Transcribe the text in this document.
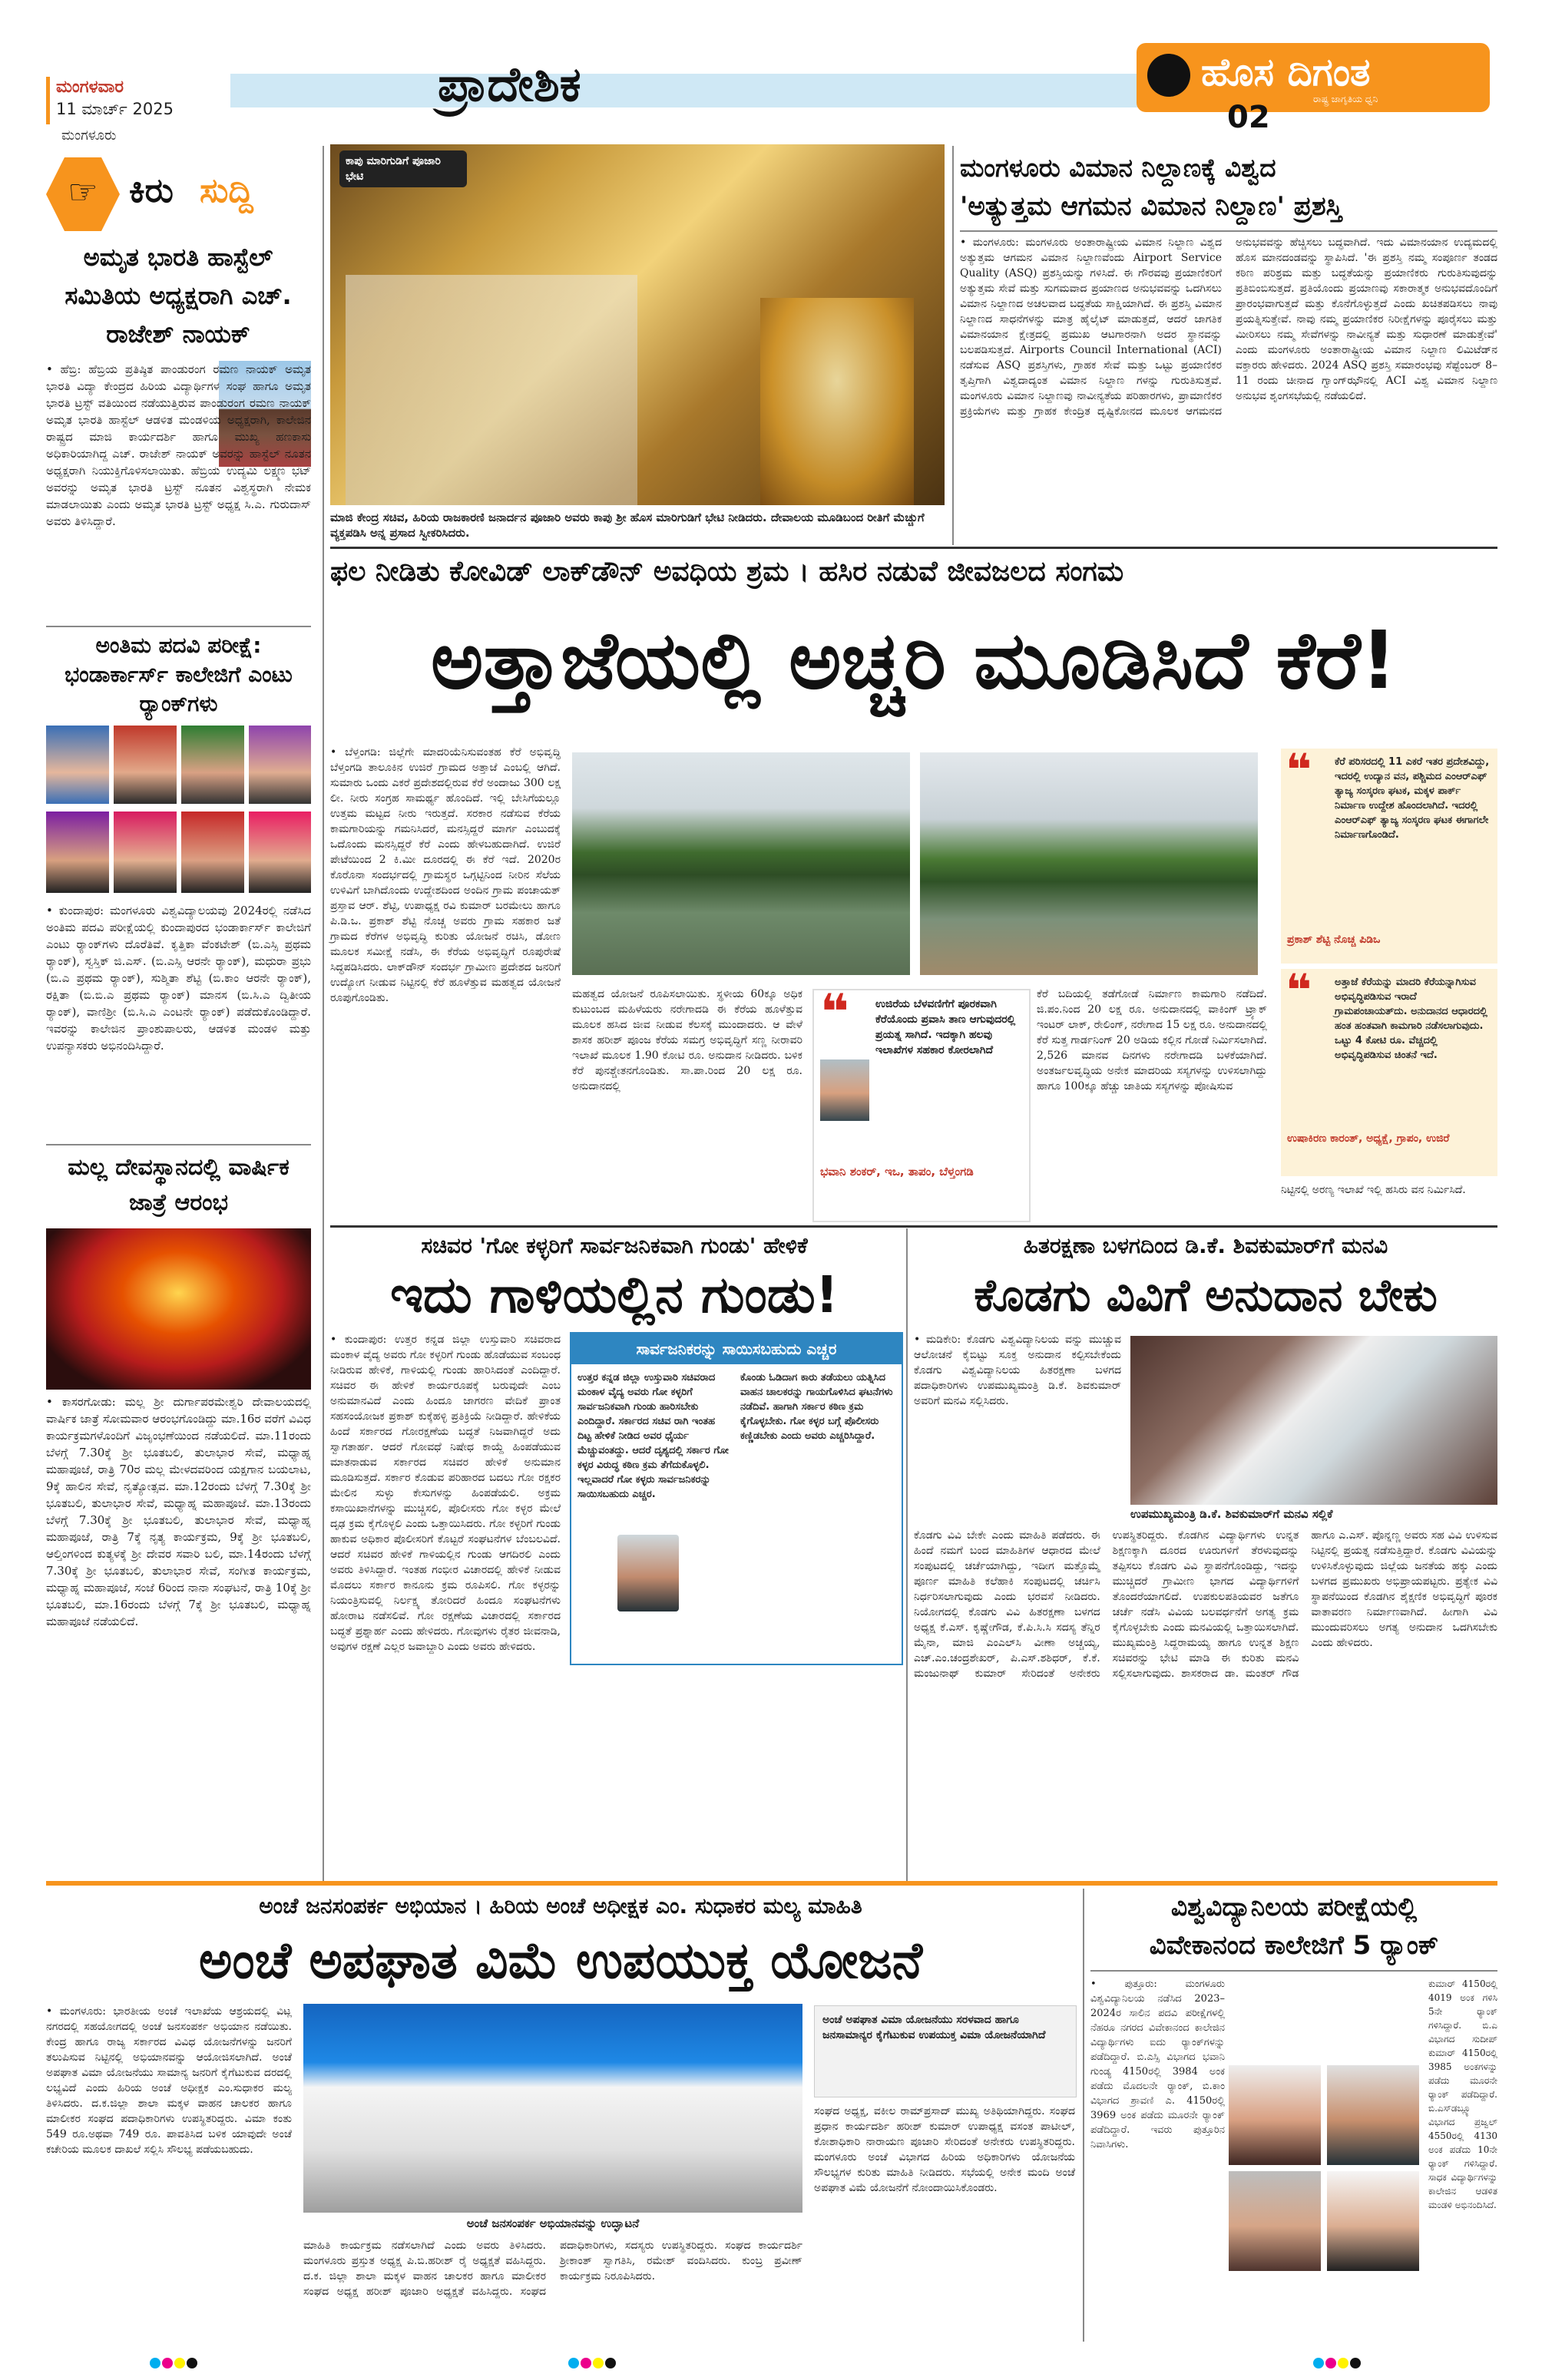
ಮಂಗಳವಾರ
11 ಮಾರ್ಚ್ 2025
ಮಂಗಳೂರು
ಪ್ರಾದೇಶಿಕ	ಹೊಸ ದಿಗಂತ
ರಾಷ್ಟ್ರ ಜಾಗೃತಿಯ ಧ್ವನಿ
02
☞ ಕಿರು ಸುದ್ದಿ
ಅಮೃತ ಭಾರತಿ ಹಾಸ್ಟೆಲ್ ಸಮಿತಿಯ ಅಧ್ಯಕ್ಷರಾಗಿ ಎಚ್. ರಾಜೇಶ್ ನಾಯಕ್
• ಹೆಬ್ರಿ: ಹೆಬ್ರಿಯ ಪ್ರತಿಷ್ಠಿತ ಪಾಂಡುರಂಗ ರಮಣ ನಾಯಕ್ ಅಮೃತ ಭಾರತಿ ವಿದ್ಯಾ ಕೇಂದ್ರದ ಹಿರಿಯ ವಿದ್ಯಾರ್ಥಿಗಳ ಸಂಘ ಹಾಗೂ ಅಮೃತ ಭಾರತಿ ಟ್ರಸ್ಟ್ ವತಿಯಿಂದ ನಡೆಯುತ್ತಿರುವ ಪಾಂಡುರಂಗ ರಮಣ ನಾಯಕ್ ಅಮೃತ ಭಾರತಿ ಹಾಸ್ಟೆಲ್ ಆಡಳಿತ ಮಂಡಳಿಯ ಅಧ್ಯಕ್ಷರಾಗಿ, ಕಾಲೇಜಿನ ರಾಷ್ಟ್ರದ ಮಾಜಿ ಕಾರ್ಯದರ್ಶಿ ಹಾಗೂ ಮುಖ್ಯ ಹಣಕಾಸು ಅಧಿಕಾರಿಯಾಗಿದ್ದ ಎಚ್. ರಾಜೇಶ್ ನಾಯಕ್ ಅವರನ್ನು ಹಾಸ್ಟೆಲ್ ನೂತನ ಅಧ್ಯಕ್ಷರಾಗಿ ನಿಯುಕ್ತಿಗೊಳಿಸಲಾಯಿತು. ಹೆಬ್ರಿಯ ಉದ್ಯಮಿ ಲಕ್ಷ್ಮಣ ಭಟ್ ಅವರನ್ನು ಅಮೃತ ಭಾರತಿ ಟ್ರಸ್ಟ್ ನೂತನ ವಿಶ್ವಸ್ಥರಾಗಿ ನೇಮಕ ಮಾಡಲಾಯಿತು ಎಂದು ಅಮೃತ ಭಾರತಿ ಟ್ರಸ್ಟ್ ಅಧ್ಯಕ್ಷ ಸಿ.ಎ. ಗುರುದಾಸ್ ಅವರು ತಿಳಿಸಿದ್ದಾರೆ.
ಅಂತಿಮ ಪದವಿ ಪರೀಕ್ಷೆ: ಭಂಡಾರ್ಕಾರ್ಸ್ ಕಾಲೇಜಿಗೆ ಎಂಟು ರ‍್ಯಾಂಕ್‌ಗಳು
• ಕುಂದಾಪುರ: ಮಂಗಳೂರು ವಿಶ್ವವಿದ್ಯಾಲಯವು 2024ರಲ್ಲಿ ನಡೆಸಿದ ಅಂತಿಮ ಪದವಿ ಪರೀಕ್ಷೆಯಲ್ಲಿ ಕುಂದಾಪುರದ ಭಂಡಾರ್ಕಾರ್ಸ್ ಕಾಲೇಜಿಗೆ ಎಂಟು ರ‍್ಯಾಂಕ್‌ಗಳು ದೊರೆತಿವೆ. ಕೃತ್ತಿಕಾ ವೆಂಕಟೇಶ್ (ಬಿ.ಎಸ್ಸಿ ಪ್ರಥಮ ರ‍್ಯಾಂಕ್), ಸ್ವಸ್ತಿಕ್ ಜಿ.ಎಸ್. (ಬಿ.ಎಸ್ಸಿ ಆರನೇ ರ‍್ಯಾಂಕ್), ಮಧುರಾ ಪ್ರಭು (ಬಿ.ಎ ಪ್ರಥಮ ರ‍್ಯಾಂಕ್), ಸುಶ್ಮಿತಾ ಶೆಟ್ಟಿ (ಬಿ.ಕಾಂ ಆರನೇ ರ‍್ಯಾಂಕ್), ರಕ್ಷಿತಾ (ಬಿ.ಬಿ.ಎ ಪ್ರಥಮ ರ‍್ಯಾಂಕ್) ಮಾನಸ (ಬಿ.ಸಿ.ಎ ದ್ವಿತೀಯ ರ‍್ಯಾಂಕ್), ವಾಣಿಶ್ರೀ (ಬಿ.ಸಿ.ಎ ಎಂಟನೇ ರ‍್ಯಾಂಕ್) ಪಡೆದುಕೊಂಡಿದ್ದಾರೆ. ಇವರನ್ನು ಕಾಲೇಜಿನ ಪ್ರಾಂಶುಪಾಲರು, ಆಡಳಿತ ಮಂಡಳಿ ಮತ್ತು ಉಪನ್ಯಾಸಕರು ಅಭಿನಂದಿಸಿದ್ದಾರೆ.
ಮಲ್ಲ ದೇವಸ್ಥಾನದಲ್ಲಿ ವಾರ್ಷಿಕ ಜಾತ್ರೆ ಆರಂಭ
• ಕಾಸರಗೋಡು: ಮಲ್ಲ ಶ್ರೀ ದುರ್ಗಾಪರಮೇಶ್ವರಿ ದೇವಾಲಯದಲ್ಲಿ ವಾರ್ಷಿಕ ಜಾತ್ರೆ ಸೋಮವಾರ ಆರಂಭಗೊಂಡಿದ್ದು ಮಾ.16ರ ವರೆಗೆ ವಿವಿಧ ಕಾರ್ಯಕ್ರಮಗಳೊಂದಿಗೆ ವಿಜೃಂಭಣೆಯಿಂದ ನಡೆಯಲಿದೆ. ಮಾ.11ರಂದು ಬೆಳಗ್ಗೆ 7.30ಕ್ಕೆ ಶ್ರೀ ಭೂತಬಲಿ, ತುಲಾಭಾರ ಸೇವೆ, ಮಧ್ಯಾಹ್ನ ಮಹಾಪೂಜೆ, ರಾತ್ರಿ 70ರ ಮಲ್ಲ ಮೇಳದವರಿಂದ ಯಕ್ಷಗಾನ ಬಯಲಾಟ, 9ಕ್ಕೆ ಹಾಲಿನ ಸೇವೆ, ನೃತ್ಯೋತ್ಸವ. ಮಾ.12ರಂದು ಬೆಳಗ್ಗೆ 7.30ಕ್ಕೆ ಶ್ರೀ ಭೂತಬಲಿ, ತುಲಾಭಾರ ಸೇವೆ, ಮಧ್ಯಾಹ್ನ ಮಹಾಪೂಜೆ. ಮಾ.13ರಂದು ಬೆಳಗ್ಗೆ 7.30ಕ್ಕೆ ಶ್ರೀ ಭೂತಬಲಿ, ತುಲಾಭಾರ ಸೇವೆ, ಮಧ್ಯಾಹ್ನ ಮಹಾಪೂಜೆ, ರಾತ್ರಿ 7ಕ್ಕೆ ನೃತ್ಯ ಕಾರ್ಯಕ್ರಮ, 9ಕ್ಕೆ ಶ್ರೀ ಭೂತಬಲಿ, ಆಲ್ತಿಂಗಳಿಂದ ಕುತ್ಯಳಕ್ಕೆ ಶ್ರೀ ದೇವರ ಸವಾರಿ ಬಲಿ, ಮಾ.14ರಂದು ಬೆಳಗ್ಗೆ 7.30ಕ್ಕೆ ಶ್ರೀ ಭೂತಬಲಿ, ತುಲಾಭಾರ ಸೇವೆ, ಸಂಗೀತ ಕಾರ್ಯಕ್ರಮ, ಮಧ್ಯಾಹ್ನ ಮಹಾಪೂಜೆ, ಸಂಜೆ 6ರಿಂದ ನಾನಾ ಸಂಘಟನೆ, ರಾತ್ರಿ 10ಕ್ಕೆ ಶ್ರೀ ಭೂತಬಲಿ, ಮಾ.16ರಂದು ಬೆಳಗ್ಗೆ 7ಕ್ಕೆ ಶ್ರೀ ಭೂತಬಲಿ, ಮಧ್ಯಾಹ್ನ ಮಹಾಪೂಜೆ ನಡೆಯಲಿದೆ.
ಕಾಪು ಮಾರಿಗುಡಿಗೆ ಪೂಜಾರಿ ಭೇಟಿ
ಮಾಜಿ ಕೇಂದ್ರ ಸಚಿವ, ಹಿರಿಯ ರಾಜಕಾರಣಿ ಜನಾರ್ದನ ಪೂಜಾರಿ ಅವರು ಕಾಪು ಶ್ರೀ ಹೊಸ ಮಾರಿಗುಡಿಗೆ ಭೇಟಿ ನೀಡಿದರು. ದೇವಾಲಯ ಮೂಡಿಬಂದ ರೀತಿಗೆ ಮೆಚ್ಚುಗೆ ವ್ಯಕ್ತಪಡಿಸಿ ಅನ್ನ ಪ್ರಸಾದ ಸ್ವೀಕರಿಸಿದರು.
ಮಂಗಳೂರು ವಿಮಾನ ನಿಲ್ದಾಣಕ್ಕೆ ವಿಶ್ವದ
'ಅತ್ಯುತ್ತಮ ಆಗಮನ ವಿಮಾನ ನಿಲ್ದಾಣ' ಪ್ರಶಸ್ತಿ
• ಮಂಗಳೂರು: ಮಂಗಳೂರು ಅಂತಾರಾಷ್ಟ್ರೀಯ ವಿಮಾನ ನಿಲ್ದಾಣ ವಿಶ್ವದ ಅತ್ಯುತ್ತಮ ಆಗಮನ ವಿಮಾನ ನಿಲ್ದಾಣವೆಂದು Airport Service Quality (ASQ) ಪ್ರಶಸ್ತಿಯನ್ನು ಗಳಿಸಿದೆ. ಈ ಗೌರವವು ಪ್ರಯಾಣಿಕರಿಗೆ ಅತ್ಯುತ್ತಮ ಸೇವೆ ಮತ್ತು ಸುಗಮವಾದ ಪ್ರಯಾಣದ ಅನುಭವವನ್ನು ಒದಗಿಸಲು ವಿಮಾನ ನಿಲ್ದಾಣದ ಅಚಲವಾದ ಬದ್ಧತೆಯ ಸಾಕ್ಷಿಯಾಗಿದೆ. ಈ ಪ್ರಶಸ್ತಿ ವಿಮಾನ ನಿಲ್ದಾಣದ ಸಾಧನೆಗಳನ್ನು ಮಾತ್ರ ಹೈಲೈಟ್ ಮಾಡುತ್ತದೆ, ಆದರೆ ಜಾಗತಿಕ ವಿಮಾನಯಾನ ಕ್ಷೇತ್ರದಲ್ಲಿ ಪ್ರಮುಖ ಆಟಗಾರನಾಗಿ ಅದರ ಸ್ಥಾನವನ್ನು ಬಲಪಡಿಸುತ್ತದೆ. Airports Council International (ACI) ನಡೆಸುವ ASQ ಪ್ರಶಸ್ತಿಗಳು, ಗ್ರಾಹಕ ಸೇವೆ ಮತ್ತು ಒಟ್ಟು ಪ್ರಯಾಣಿಕರ ತೃಪ್ತಿಗಾಗಿ ವಿಶ್ವದಾದ್ಯಂತ ವಿಮಾನ ನಿಲ್ದಾಣ ಗಳನ್ನು ಗುರುತಿಸುತ್ತವೆ. ಮಂಗಳೂರು ವಿಮಾನ ನಿಲ್ದಾಣವು ನಾವೀನ್ಯತೆಯ ಪರಿಹಾರಗಳು, ಪ್ರಾಮಾಣಿಕರ ಪ್ರಕ್ರಿಯೆಗಳು ಮತ್ತು ಗ್ರಾಹಕ ಕೇಂದ್ರಿತ ದೃಷ್ಟಿಕೋನದ ಮೂಲಕ ಆಗಮನದ ಅನುಭವವನ್ನು ಹೆಚ್ಚಿಸಲು ಬದ್ಧವಾಗಿದೆ. ಇದು ವಿಮಾನಯಾನ ಉದ್ಯಮದಲ್ಲಿ ಹೊಸ ಮಾನದಂಡವನ್ನು ಸ್ಥಾಪಿಸಿದೆ. 'ಈ ಪ್ರಶಸ್ತಿ ನಮ್ಮ ಸಂಪೂರ್ಣ ತಂಡದ ಕಠಿಣ ಪರಿಶ್ರಮ ಮತ್ತು ಬದ್ಧತೆಯನ್ನು ಪ್ರಯಾಣಿಕರು ಗುರುತಿಸುವುದನ್ನು ಪ್ರತಿಬಿಂಬಿಸುತ್ತದೆ. ಪ್ರತಿಯೊಂದು ಪ್ರಯಾಣವು ಸಕಾರಾತ್ಮಕ ಅನುಭವದೊಂದಿಗೆ ಪ್ರಾರಂಭವಾಗುತ್ತದೆ ಮತ್ತು ಕೊನೆಗೊಳ್ಳುತ್ತದೆ ಎಂದು ಖಚಿತಪಡಿಸಲು ನಾವು ಪ್ರಯತ್ನಿಸುತ್ತೇವೆ. ನಾವು ನಮ್ಮ ಪ್ರಯಾಣಿಕರ ನಿರೀಕ್ಷೆಗಳನ್ನು ಪೂರೈಸಲು ಮತ್ತು ಮೀರಿಸಲು ನಮ್ಮ ಸೇವೆಗಳನ್ನು ನಾವೀನ್ಯತೆ ಮತ್ತು ಸುಧಾರಣೆ ಮಾಡುತ್ತೇವೆ' ಎಂದು ಮಂಗಳೂರು ಅಂತಾರಾಷ್ಟ್ರೀಯ ವಿಮಾನ ನಿಲ್ದಾಣ ಲಿಮಿಟೆಡ್‌ನ ವಕ್ತಾರರು ಹೇಳಿದರು. 2024 ASQ ಪ್ರಶಸ್ತಿ ಸಮಾರಂಭವು ಸೆಪ್ಟೆಂಬರ್ 8–11 ರಂದು ಚೀನಾದ ಗ್ವಾಂಗ್‌ಝೌನಲ್ಲಿ ACI ವಿಶ್ವ ವಿಮಾನ ನಿಲ್ದಾಣ ಅನುಭವ ಶೃಂಗಸಭೆಯಲ್ಲಿ ನಡೆಯಲಿದೆ.
ಫಲ ನೀಡಿತು ಕೋವಿಡ್ ಲಾಕ್‌ಡೌನ್ ಅವಧಿಯ ಶ್ರಮ । ಹಸಿರ ನಡುವೆ ಜೀವಜಲದ ಸಂಗಮ
ಅತ್ತಾಜೆಯಲ್ಲಿ ಅಚ್ಚರಿ ಮೂಡಿಸಿದೆ ಕೆರೆ!
• ಬೆಳ್ತಂಗಡಿ: ಜಿಲ್ಲೆಗೇ ಮಾದರಿಯೆನಿಸುವಂತಹ ಕೆರೆ ಅಭಿವೃದ್ಧಿ ಬೆಳ್ತಂಗಡಿ ತಾಲೂಕಿನ ಉಜಿರೆ ಗ್ರಾಮದ ಅತ್ತಾಜೆ ಎಂಬಲ್ಲಿ ಆಗಿದೆ. ಸುಮಾರು ಒಂದು ಎಕರೆ ಪ್ರದೇಶದಲ್ಲಿರುವ ಕೆರೆ ಅಂದಾಜು 300 ಲಕ್ಷ ಲೀ. ನೀರು ಸಂಗ್ರಹ ಸಾಮರ್ಥ್ಯ ಹೊಂದಿದೆ. ಇಲ್ಲಿ ಬೇಸಿಗೆಯಲ್ಲೂ ಉತ್ತಮ ಮಟ್ಟದ ನೀರು ಇರುತ್ತದೆ. ಸರಕಾರ ನಡೆಸುವ ಕೆರೆಯ ಕಾಮಗಾರಿಯನ್ನು ಗಮನಿಸಿದರೆ, ಮನಸ್ಸಿದ್ದರೆ ಮಾರ್ಗ ಎಂಬುದಕ್ಕೆ ಒದೊಂದು ಮನಸ್ಸಿದ್ದರೆ ಕೆರೆ ಎಂದು ಹೇಳಬಹುದಾಗಿದೆ. ಉಜಿರೆ ಪೇಟೆಯಿಂದ 2 ಕಿ.ಮೀ ದೂರದಲ್ಲಿ ಈ ಕೆರೆ ಇದೆ. 2020ರ ಕೊರೊನಾ ಸಂದರ್ಭದಲ್ಲಿ ಗ್ರಾಮಸ್ಥರ ಒಗ್ಗಟ್ಟಿನಿಂದ ನೀರಿನ ಸೆಲೆಯ ಉಳಿವಿಗೆ ಬಾಗಿದೊಂದು ಉದ್ದೇಶದಿಂದ ಅಂದಿನ ಗ್ರಾಮ ಪಂಚಾಯತ್ ಪ್ರಸ್ತಾವ ಆರ್. ಶೆಟ್ಟಿ, ಉಪಾಧ್ಯಕ್ಷ ರವಿ ಕುಮಾರ್ ಬರಮೇಲು ಹಾಗೂ ಪಿ.ಡಿ.ಒ. ಪ್ರಕಾಶ್ ಶೆಟ್ಟಿ ನೊಚ್ಚ ಅವರು ಗ್ರಾಮ ಸಹಕಾರ ಜತೆ ಗ್ರಾಮದ ಕೆರೆಗಳ ಅಭಿವೃದ್ಧಿ ಕುರಿತು ಯೋಜನೆ ರಚಿಸಿ, ಡೋಣ ಮೂಲಕ ಸಮೀಕ್ಷೆ ನಡೆಸಿ, ಈ ಕೆರೆಯ ಅಭಿವೃದ್ಧಿಗೆ ರೂಪುರೇಷೆ ಸಿದ್ಧಪಡಿಸಿದರು. ಲಾಕ್‌ಡೌನ್ ಸಂದರ್ಭ ಗ್ರಾಮೀಣ ಪ್ರದೇಶದ ಜನರಿಗೆ ಉದ್ಯೋಗ ನೀಡುವ ನಿಟ್ಟಿನಲ್ಲಿ ಕೆರೆ ಹೂಳೆತ್ತುವ ಮಹತ್ವದ ಯೋಜನೆ ರೂಪುಗೊಂಡಿತು.	ಮಹತ್ವದ ಯೋಜನೆ ರೂಪಿಸಲಾಯಿತು. ಸ್ಥಳೀಯ 60ಕ್ಕೂ ಅಧಿಕ ಕುಟುಂಬದ ಮಹಿಳೆಯರು ನರೇಗಾದಡಿ ಈ ಕೆರೆಯ ಹೂಳೆತ್ತುವ ಮೂಲಕ ಹಸಿದ ಜೀವ ನೀಡುವ ಕೆಲಸಕ್ಕೆ ಮುಂದಾದರು. ಆ ವೇಳೆ ಶಾಸಕ ಹರೀಶ್ ಪೂಂಜ ಕೆರೆಯ ಸಮಗ್ರ ಅಭಿವೃದ್ಧಿಗೆ ಸಣ್ಣ ನೀರಾವರಿ ಇಲಾಖೆ ಮೂಲಕ 1.90 ಕೋಟಿ ರೂ. ಅನುದಾನ ನೀಡಿದರು. ಬಳಿಕ ಕೆರೆ ಪುನಶ್ಚೇತನಗೊಂಡಿತು. ಸಾ.ಪಾ.ರಿಂದ 20 ಲಕ್ಷ ರೂ. ಅನುದಾನದಲ್ಲಿ
❝ ಉಜಿರೆಯ ಬೆಳವಣಿಗೆಗೆ ಪೂರಕವಾಗಿ ಕೆರೆಯೊಂದು ಪ್ರವಾಸಿ ತಾಣ ಆಗುವುದರಲ್ಲಿ ಪ್ರಯತ್ನ ಸಾಗಿದೆ. ಇದಕ್ಕಾಗಿ ಹಲವು ಇಲಾಖೆಗಳ ಸಹಕಾರ ಕೋರಲಾಗಿದೆ
ಭವಾನಿ ಶಂಕರ್, ಇಒ, ತಾಪಂ, ಬೆಳ್ತಂಗಡಿ
ಕೆರೆ ಬದಿಯಲ್ಲಿ ತಡೆಗೋಡೆ ನಿರ್ಮಾಣ ಕಾಮಗಾರಿ ನಡೆದಿದೆ. ಜಿ.ಪಂ.ನಿಂದ 20 ಲಕ್ಷ ರೂ. ಅನುದಾನದಲ್ಲಿ ವಾಕಿಂಗ್ ಟ್ರ್ಯಾಕ್ ಇಂಟರ್ ಲಾಕ್, ರೇಲಿಂಗ್, ನರೇಗಾದ 15 ಲಕ್ಷ ರೂ. ಅನುದಾನದಲ್ಲಿ ಕೆರೆ ಸುತ್ತ ಗಾರ್ಡನಿಂಗ್ 20 ಅಡಿಯ ಕಲ್ಲಿನ ಗೋಡೆ ನಿರ್ಮಿಸಲಾಗಿದೆ. 2,526 ಮಾನವ ದಿನಗಳು ನರೇಗಾದಡಿ ಬಳಕೆಯಾಗಿದೆ. ಅಂತರ್ಜಲವೃದ್ಧಿಯ ಅನೇಕ ಮಾದರಿಯ ಸಸ್ಯಗಳನ್ನು ಉಳಿಸಲಾಗಿದ್ದು ಹಾಗೂ 100ಕ್ಕೂ ಹೆಚ್ಚು ಜಾತಿಯ ಸಸ್ಯಗಳನ್ನು ಪೋಷಿಸುವ
❝ ಕೆರೆ ಪರಿಸರದಲ್ಲಿ 11 ಎಕರೆ ಇತರ ಪ್ರದೇಶವಿದ್ದು, ಇದರಲ್ಲಿ ಉದ್ಯಾನ ವನ, ಪಶ್ಚಿಮದ ಎಂಆರ್‌ಎಫ್ ತ್ಯಾಜ್ಯ ಸಂಸ್ಕರಣ ಘಟಕ, ಮಕ್ಕಳ ಪಾರ್ಕ್ ನಿರ್ಮಾಣ ಉದ್ದೇಶ ಹೊಂದಲಾಗಿದೆ. ಇದರಲ್ಲಿ ಎಂಆರ್‌ಎಫ್ ತ್ಯಾಜ್ಯ ಸಂಸ್ಕರಣ ಘಟಕ ಈಗಾಗಲೇ ನಿರ್ಮಾಣಗೊಂಡಿದೆ.
ಪ್ರಕಾಶ್ ಶೆಟ್ಟಿ ನೊಚ್ಚ ಪಿಡಿಒ
❝ ಅತ್ತಾಜೆ ಕೆರೆಯನ್ನು ಮಾದರಿ ಕೆರೆಯನ್ನಾಗಿಸುವ ಅಭಿವೃದ್ಧಿಪಡಿಸುವ ಇರಾದೆ ಗ್ರಾಮಪಂಚಾಯತ್‌ದು. ಅನುದಾನದ ಆಧಾರದಲ್ಲಿ ಹಂತ ಹಂತವಾಗಿ ಕಾಮಗಾರಿ ನಡೆಸಲಾಗುವುದು. ಒಟ್ಟು 4 ಕೋಟಿ ರೂ. ವೆಚ್ಚದಲ್ಲಿ ಅಭಿವೃದ್ಧಿಪಡಿಸುವ ಚಿಂತನೆ ಇದೆ.
ಉಷಾಕಿರಣ ಕಾರಂತ್, ಅಧ್ಯಕ್ಷೆ, ಗ್ರಾಪಂ, ಉಜಿರೆ
ನಿಟ್ಟಿನಲ್ಲಿ ಅರಣ್ಯ ಇಲಾಖೆ ಇಲ್ಲಿ ಹಸಿರು ವನ ನಿರ್ಮಿಸಿದೆ.
ಸಚಿವರ 'ಗೋ ಕಳ್ಳರಿಗೆ ಸಾರ್ವಜನಿಕವಾಗಿ ಗುಂಡು' ಹೇಳಿಕೆ
ಇದು ಗಾಳಿಯಲ್ಲಿನ ಗುಂಡು!
• ಕುಂದಾಪುರ: ಉತ್ತರ ಕನ್ನಡ ಜಿಲ್ಲಾ ಉಸ್ತುವಾರಿ ಸಚಿವರಾದ ಮಂಕಾಳ ವೈದ್ಯ ಅವರು ಗೋ ಕಳ್ಳರಿಗೆ ಗುಂಡು ಹೊಡೆಯುವ ಸಂಬಂಧ ನೀಡಿರುವ ಹೇಳಿಕೆ, ಗಾಳಿಯಲ್ಲಿ ಗುಂಡು ಹಾರಿಸಿದಂತೆ ಎಂದಿದ್ದಾರೆ. ಸಚಿವರ ಈ ಹೇಳಿಕೆ ಕಾರ್ಯರೂಪಕ್ಕೆ ಬರುವುದೇ ಎಂಬ ಅನುಮಾನವಿದೆ ಎಂದು ಹಿಂದೂ ಜಾಗರಣ ವೇದಿಕೆ ಪ್ರಾಂತ ಸಹಸಂಯೋಜಕ ಪ್ರಕಾಶ್ ಕುಕ್ಕೆಹಳ್ಳಿ ಪ್ರತಿಕ್ರಿಯೆ ನೀಡಿದ್ದಾರೆ. ಹೇಳಿಕೆಯ ಹಿಂದೆ ಸರ್ಕಾರದ ಗೋರಕ್ಷಣೆಯ ಬದ್ಧತೆ ನಿಜವಾಗಿದ್ದರೆ ಅದು ಸ್ವಾಗತಾರ್ಹ. ಆದರೆ ಗೋವಧೆ ನಿಷೇಧ ಕಾಯ್ದೆ ಹಿಂಪಡೆಯುವ ಮಾತನಾಡುವ ಸರ್ಕಾರದ ಸಚಿವರ ಹೇಳಿಕೆ ಅನುಮಾನ ಮೂಡಿಸುತ್ತದೆ. ಸರ್ಕಾರ ಕೊಡುವ ಪರಿಹಾರದ ಬದಲು ಗೋ ರಕ್ಷಕರ ಮೇಲಿನ ಸುಳ್ಳು ಕೇಸುಗಳನ್ನು ಹಿಂಪಡೆಯಲಿ. ಅಕ್ರಮ ಕಸಾಯಿಖಾನೆಗಳನ್ನು ಮುಚ್ಚಿಸಲಿ, ಪೊಲೀಸರು ಗೋ ಕಳ್ಳರ ಮೇಲೆ ದೃಢ ಕ್ರಮ ಕೈಗೊಳ್ಳಲಿ ಎಂದು ಒತ್ತಾಯಿಸಿದರು. ಗೋ ಕಳ್ಳರಿಗೆ ಗುಂಡು ಹಾಕುವ ಅಧಿಕಾರ ಪೊಲೀಸರಿಗೆ ಕೊಟ್ಟರೆ ಸಂಘಟನೆಗಳ ಬೆಂಬಲವಿದೆ. ಆದರೆ ಸಚಿವರ ಹೇಳಿಕೆ ಗಾಳಿಯಲ್ಲಿನ ಗುಂಡು ಆಗದಿರಲಿ ಎಂದು ಅವರು ತಿಳಿಸಿದ್ದಾರೆ. ಇಂತಹ ಗಂಭೀರ ವಿಚಾರದಲ್ಲಿ ಹೇಳಿಕೆ ನೀಡುವ ಮೊದಲು ಸರ್ಕಾರ ಕಾನೂನು ಕ್ರಮ ರೂಪಿಸಲಿ. ಗೋ ಕಳ್ಳರನ್ನು ನಿಯಂತ್ರಿಸುವಲ್ಲಿ ನಿರ್ಲಕ್ಷ್ಯ ತೋರಿದರೆ ಹಿಂದೂ ಸಂಘಟನೆಗಳು ಹೋರಾಟ ನಡೆಸಲಿವೆ. ಗೋ ರಕ್ಷಣೆಯ ವಿಚಾರದಲ್ಲಿ ಸರ್ಕಾರದ ಬದ್ಧತೆ ಪ್ರಶ್ನಾರ್ಹ ಎಂದು ಹೇಳಿದರು. ಗೋವುಗಳು ರೈತರ ಜೀವನಾಡಿ, ಅವುಗಳ ರಕ್ಷಣೆ ಎಲ್ಲರ ಜವಾಬ್ದಾರಿ ಎಂದು ಅವರು ಹೇಳಿದರು.
ಸಾರ್ವಜನಿಕರನ್ನು ಸಾಯಿಸಬಹುದು ಎಚ್ಚರ
ಉತ್ತರ ಕನ್ನಡ ಜಿಲ್ಲಾ ಉಸ್ತುವಾರಿ ಸಚಿವರಾದ ಮಂಕಾಳ ವೈದ್ಯ ಅವರು ಗೋ ಕಳ್ಳರಿಗೆ ಸಾರ್ವಜನಿಕವಾಗಿ ಗುಂಡು ಹಾರಿಸಬೇಕು ಎಂದಿದ್ದಾರೆ. ಸರ್ಕಾರದ ಸಚಿವ ರಾಗಿ ಇಂತಹ ದಿಟ್ಟ ಹೇಳಿಕೆ ನೀಡಿದ ಅವರ ಧೈರ್ಯ ಮೆಚ್ಚುವಂತದ್ದು. ಆದರೆ ದೃಶ್ಯದಲ್ಲಿ ಸರ್ಕಾರ ಗೋ ಕಳ್ಳರ ವಿರುದ್ಧ ಕಠಿಣ ಕ್ರಮ ತೆಗೆದುಕೊಳ್ಳಲಿ. ಇಲ್ಲವಾದರೆ ಗೋ ಕಳ್ಳರು ಸಾರ್ವಜನಿಕರನ್ನು ಸಾಯಿಸಬಹುದು ಎಚ್ಚರ.
ಕೊಂಡು ಓಡಿದಾಗ ಕಾರು ತಡೆಯಲು ಯತ್ನಿಸಿದ ವಾಹನ ಚಾಲಕರನ್ನು ಗಾಯಗೊಳಿಸಿದ ಘಟನೆಗಳು ನಡೆದಿವೆ. ಹಾಗಾಗಿ ಸರ್ಕಾರ ಕಠಿಣ ಕ್ರಮ ಕೈಗೊಳ್ಳಬೇಕು. ಗೋ ಕಳ್ಳರ ಬಗ್ಗೆ ಪೊಲೀಸರು ಕಣ್ಣಿಡಬೇಕು ಎಂದು ಅವರು ಎಚ್ಚರಿಸಿದ್ದಾರೆ.
ಹಿತರಕ್ಷಣಾ ಬಳಗದಿಂದ ಡಿ.ಕೆ. ಶಿವಕುಮಾರ್‌ಗೆ ಮನವಿ
ಕೊಡಗು ವಿವಿಗೆ ಅನುದಾನ ಬೇಕು
• ಮಡಿಕೇರಿ: ಕೊಡಗು ವಿಶ್ವವಿದ್ಯಾನಿಲಯ ವನ್ನು ಮುಚ್ಚುವ ಆಲೋಚನೆ ಕೈಬಿಟ್ಟು ಸೂಕ್ತ ಅನುದಾನ ಕಲ್ಪಿಸಬೇಕೆಂದು ಕೊಡಗು ವಿಶ್ವವಿದ್ಯಾನಿಲಯ ಹಿತರಕ್ಷಣಾ ಬಳಗದ ಪದಾಧಿಕಾರಿಗಳು ಉಪಮುಖ್ಯಮಂತ್ರಿ ಡಿ.ಕೆ. ಶಿವಕುಮಾರ್ ಅವರಿಗೆ ಮನವಿ ಸಲ್ಲಿಸಿದರು.
ಉಪಮುಖ್ಯಮಂತ್ರಿ ಡಿ.ಕೆ. ಶಿವಕುಮಾರ್‌ಗೆ ಮನವಿ ಸಲ್ಲಿಕೆ
ಕೊಡಗು ವಿವಿ ಬೇಕೇ ಎಂದು ಮಾಹಿತಿ ಪಡೆದರು. ಈ ಹಿಂದೆ ನಮಗೆ ಬಂದ ಮಾಹಿತಿಗಳ ಆಧಾರದ ಮೇಲೆ ಸಂಪುಟದಲ್ಲಿ ಚರ್ಚೆಯಾಗಿದ್ದು, ಇದೀಗ ಮತ್ತೊಮ್ಮೆ ಪೂರ್ಣ ಮಾಹಿತಿ ಕಲೆಹಾಕಿ ಸಂಪುಟದಲ್ಲಿ ಚರ್ಚಿಸಿ ನಿರ್ಧರಿಸಲಾಗುವುದು ಎಂದು ಭರವಸೆ ನೀಡಿದರು. ನಿಯೋಗದಲ್ಲಿ ಕೊಡಗು ವಿವಿ ಹಿತರಕ್ಷಣಾ ಬಳಗದ ಅಧ್ಯಕ್ಷ ಕೆ.ಎಸ್. ಕೃಷ್ಣೇಗೌಡ, ಕೆ.ಪಿ.ಸಿ.ಸಿ ಸದಸ್ಯ ತೆನ್ನಿರ ಮೈನಾ, ಮಾಜಿ ಎಂಎಲ್‌ಸಿ ವೀಣಾ ಅಚ್ಚಯ್ಯ, ಎಚ್.ಎಂ.ಚಂದ್ರಶೇಖರ್, ಪಿ.ಎಸ್.ಶಶಿಧರ್, ಕೆ.ಕೆ. ಮಂಜುನಾಥ್ ಕುಮಾರ್ ಸೇರಿದಂತೆ ಅನೇಕರು ಉಪಸ್ಥಿತರಿದ್ದರು. ಕೊಡಗಿನ ವಿದ್ಯಾರ್ಥಿಗಳು ಉನ್ನತ ಶಿಕ್ಷಣಕ್ಕಾಗಿ ದೂರದ ಊರುಗಳಿಗೆ ತೆರಳುವುದನ್ನು ತಪ್ಪಿಸಲು ಕೊಡಗು ವಿವಿ ಸ್ಥಾಪನೆಗೊಂಡಿದ್ದು, ಇದನ್ನು ಮುಚ್ಚಿದರೆ ಗ್ರಾಮೀಣ ಭಾಗದ ವಿದ್ಯಾರ್ಥಿಗಳಿಗೆ ತೊಂದರೆಯಾಗಲಿದೆ. ಉಪಕುಲಪತಿಯವರ ಜತೆಗೂ ಚರ್ಚೆ ನಡೆಸಿ ವಿವಿಯ ಬಲವರ್ಧನೆಗೆ ಅಗತ್ಯ ಕ್ರಮ ಕೈಗೊಳ್ಳಬೇಕು ಎಂದು ಮನವಿಯಲ್ಲಿ ಒತ್ತಾಯಿಸಲಾಗಿದೆ. ಮುಖ್ಯಮಂತ್ರಿ ಸಿದ್ದರಾಮಯ್ಯ ಹಾಗೂ ಉನ್ನತ ಶಿಕ್ಷಣ ಸಚಿವರನ್ನು ಭೇಟಿ ಮಾಡಿ ಈ ಕುರಿತು ಮನವಿ ಸಲ್ಲಿಸಲಾಗುವುದು. ಶಾಸಕರಾದ ಡಾ. ಮಂತರ್ ಗೌಡ ಹಾಗೂ ಎ.ಎಸ್. ಪೊನ್ನಣ್ಣ ಅವರು ಸಹ ವಿವಿ ಉಳಿಸುವ ನಿಟ್ಟಿನಲ್ಲಿ ಪ್ರಯತ್ನ ನಡೆಸುತ್ತಿದ್ದಾರೆ. ಕೊಡಗು ವಿವಿಯನ್ನು ಉಳಿಸಿಕೊಳ್ಳುವುದು ಜಿಲ್ಲೆಯ ಜನತೆಯ ಹಕ್ಕು ಎಂದು ಬಳಗದ ಪ್ರಮುಖರು ಅಭಿಪ್ರಾಯಪಟ್ಟರು. ಪ್ರತ್ಯೇಕ ವಿವಿ ಸ್ಥಾಪನೆಯಿಂದ ಕೊಡಗಿನ ಶೈಕ್ಷಣಿಕ ಅಭಿವೃದ್ಧಿಗೆ ಪೂರಕ ವಾತಾವರಣ ನಿರ್ಮಾಣವಾಗಿದೆ. ಹೀಗಾಗಿ ವಿವಿ ಮುಂದುವರಿಸಲು ಅಗತ್ಯ ಅನುದಾನ ಒದಗಿಸಬೇಕು ಎಂದು ಹೇಳಿದರು.
ಅಂಚೆ ಜನಸಂಪರ್ಕ ಅಭಿಯಾನ । ಹಿರಿಯ ಅಂಚೆ ಅಧೀಕ್ಷಕ ಎಂ. ಸುಧಾಕರ ಮಲ್ಯ ಮಾಹಿತಿ
ಅಂಚೆ ಅಪಘಾತ ವಿಮೆ ಉಪಯುಕ್ತ ಯೋಜನೆ
• ಮಂಗಳೂರು: ಭಾರತೀಯ ಅಂಚೆ ಇಲಾಖೆಯ ಆಶ್ರಯದಲ್ಲಿ ವಿಟ್ಲ ನಗರದಲ್ಲಿ ಸಹಯೋಗದಲ್ಲಿ ಅಂಚೆ ಜನಸಂಪರ್ಕ ಅಭಿಯಾನ ನಡೆಯಿತು. ಕೇಂದ್ರ ಹಾಗೂ ರಾಜ್ಯ ಸರ್ಕಾರದ ವಿವಿಧ ಯೋಜನೆಗಳನ್ನು ಜನರಿಗೆ ತಲುಪಿಸುವ ನಿಟ್ಟಿನಲ್ಲಿ ಅಭಿಯಾನವನ್ನು ಆಯೋಜಿಸಲಾಗಿದೆ. ಅಂಚೆ ಅಪಘಾತ ವಿಮಾ ಯೋಜನೆಯು ಸಾಮಾನ್ಯ ಜನರಿಗೆ ಕೈಗೆಟುಕುವ ದರದಲ್ಲಿ ಲಭ್ಯವಿದೆ ಎಂದು ಹಿರಿಯ ಅಂಚೆ ಅಧೀಕ್ಷಕ ಎಂ.ಸುಧಾಕರ ಮಲ್ಯ ತಿಳಿಸಿದರು. ದ.ಕ.ಜಿಲ್ಲಾ ಶಾಲಾ ಮಕ್ಕಳ ವಾಹನ ಚಾಲಕರ ಹಾಗೂ ಮಾಲೀಕರ ಸಂಘದ ಪದಾಧಿಕಾರಿಗಳು ಉಪಸ್ಥಿತರಿದ್ದರು. ವಿಮಾ ಕಂತು 549 ರೂ.ಅಥವಾ 749 ರೂ. ಪಾವತಿಸಿದ ಬಳಿಕ ಯಾವುದೇ ಅಂಚೆ ಕಚೇರಿಯ ಮೂಲಕ ದಾಖಲೆ ಸಲ್ಲಿಸಿ ಸೌಲಭ್ಯ ಪಡೆಯಬಹುದು.
ಅಂಚೆ ಜನಸಂಪರ್ಕ ಅಭಿಯಾನವನ್ನು ಉದ್ಘಾಟನೆ
ಅಂಚೆ ಅಪಘಾತ ವಿಮಾ ಯೋಜನೆಯು ಸರಳವಾದ ಹಾಗೂ ಜನಸಾಮಾನ್ಯರ ಕೈಗೆಟುಕುವ ಉಪಯುಕ್ತ ವಿಮಾ ಯೋಜನೆಯಾಗಿದೆ
ಸಂಘದ ಅಧ್ಯಕ್ಷ, ವಕೀಲ ರಾಮ್‌ಪ್ರಸಾದ್ ಮುಖ್ಯ ಅತಿಥಿಯಾಗಿದ್ದರು. ಸಂಘದ ಪ್ರಧಾನ ಕಾರ್ಯದರ್ಶಿ ಹರೀಶ್ ಕುಮಾರ್ ಉಪಾಧ್ಯಕ್ಷ ವಸಂತ ಪಾಟೀಲ್, ಕೋಶಾಧಿಕಾರಿ ನಾರಾಯಣ ಪೂಜಾರಿ ಸೇರಿದಂತೆ ಅನೇಕರು ಉಪಸ್ಥಿತರಿದ್ದರು. ಮಂಗಳೂರು ಅಂಚೆ ವಿಭಾಗದ ಹಿರಿಯ ಅಧಿಕಾರಿಗಳು ಯೋಜನೆಯ ಸೌಲಭ್ಯಗಳ ಕುರಿತು ಮಾಹಿತಿ ನೀಡಿದರು. ಸಭೆಯಲ್ಲಿ ಅನೇಕ ಮಂದಿ ಅಂಚೆ ಅಪಘಾತ ವಿಮೆ ಯೋಜನೆಗೆ ನೋಂದಾಯಿಸಿಕೊಂಡರು.
ಮಾಹಿತಿ ಕಾರ್ಯಕ್ರಮ ನಡೆಸಲಾಗಿದೆ ಎಂದು ಅವರು ತಿಳಿಸಿದರು. ಮಂಗಳೂರು ಪ್ರಸ್ತುತ ಅಧ್ಯಕ್ಷ ಪಿ.ಬಿ.ಹರೀಶ್ ರೈ ಅಧ್ಯಕ್ಷತೆ ವಹಿಸಿದ್ದರು. ದ.ಕ. ಜಿಲ್ಲಾ ಶಾಲಾ ಮಕ್ಕಳ ವಾಹನ ಚಾಲಕರ ಹಾಗೂ ಮಾಲೀಕರ ಸಂಘದ ಅಧ್ಯಕ್ಷ ಹರೀಶ್ ಪೂಜಾರಿ ಅಧ್ಯಕ್ಷತೆ ವಹಿಸಿದ್ದರು. ಸಂಘದ ಪದಾಧಿಕಾರಿಗಳು, ಸದಸ್ಯರು ಉಪಸ್ಥಿತರಿದ್ದರು. ಸಂಘದ ಕಾರ್ಯದರ್ಶಿ ಶ್ರೀಕಾಂತ್ ಸ್ವಾಗತಿಸಿ, ರಮೇಶ್ ವಂದಿಸಿದರು. ಕುಂಬ್ರ ಪ್ರವೀಣ್ ಕಾರ್ಯಕ್ರಮ ನಿರೂಪಿಸಿದರು.
ವಿಶ್ವವಿದ್ಯಾನಿಲಯ ಪರೀಕ್ಷೆಯಲ್ಲಿ
ವಿವೇಕಾನಂದ ಕಾಲೇಜಿಗೆ 5 ರ‍್ಯಾಂಕ್
• ಪುತ್ತೂರು: ಮಂಗಳೂರು ವಿಶ್ವವಿದ್ಯಾನಿಲಯ ನಡೆಸಿದ 2023–2024ರ ಸಾಲಿನ ಪದವಿ ಪರೀಕ್ಷೆಗಳಲ್ಲಿ ನೆಹರೂ ನಗರದ ವಿವೇಕಾನಂದ ಕಾಲೇಜಿನ ವಿದ್ಯಾರ್ಥಿಗಳು ಐದು ರ‍್ಯಾಂಕ್‌ಗಳನ್ನು ಪಡೆದಿದ್ದಾರೆ. ಬಿ.ಎಸ್ಸಿ ವಿಭಾಗದ ಭವಾನಿ ಗುಂಡ್ಯ 4150ರಲ್ಲಿ 3984 ಅಂಕ ಪಡೆದು ಮೊದಲನೇ ರ‍್ಯಾಂಕ್, ಬಿ.ಕಾಂ ವಿಭಾಗದ ಶ್ರಾವಣಿ ಎ. 4150ರಲ್ಲಿ 3969 ಅಂಕ ಪಡೆದು ಮೂರನೇ ರ‍್ಯಾಂಕ್ ಪಡೆದಿದ್ದಾರೆ. ಇವರು ಪುತ್ತೂರಿನ ನಿವಾಸಿಗಳು.
ಕುಮಾರ್ 4150ರಲ್ಲಿ 4019 ಅಂಕ ಗಳಿಸಿ 5ನೇ ರ‍್ಯಾಂಕ್ ಗಳಿಸಿದ್ದಾರೆ. ಬಿ.ಎ ವಿಭಾಗದ ಸುದೀಪ್ ಕುಮಾರ್ 4150ರಲ್ಲಿ 3985 ಅಂಕಗಳನ್ನು ಪಡೆದು ಮೂರನೇ ರ‍್ಯಾಂಕ್ ಪಡೆದಿದ್ದಾರೆ. ಬಿ.ಎಸ್‌ಡಬ್ಲ್ಯೂ ವಿಭಾಗದ ಪ್ರಜ್ವಲ್ 4550ರಲ್ಲಿ 4130 ಅಂಕ ಪಡೆದು 10ನೇ ರ‍್ಯಾಂಕ್ ಗಳಿಸಿದ್ದಾರೆ. ಸಾಧಕ ವಿದ್ಯಾರ್ಥಿಗಳನ್ನು ಕಾಲೇಜಿನ ಆಡಳಿತ ಮಂಡಳಿ ಅಭಿನಂದಿಸಿದೆ.
